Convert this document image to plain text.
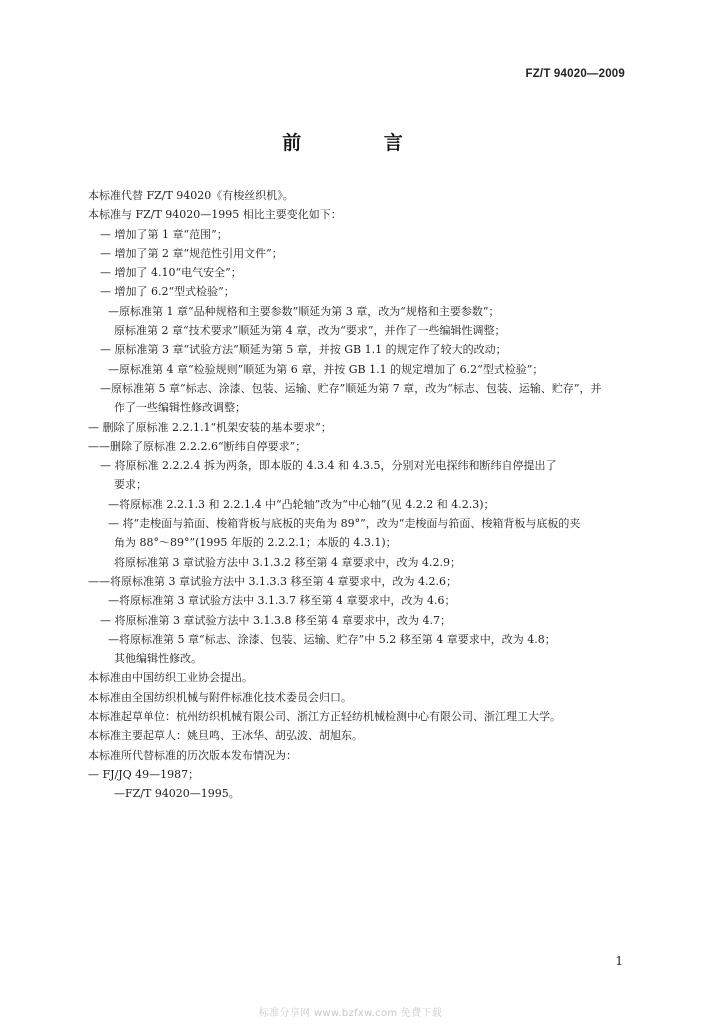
FZ/T 94020—2009
前 言
本标准代替 FZ/T 94020《有梭丝织机》。
本标准与 FZ/T 94020—1995 相比主要变化如下：
— 增加了第 1 章“范围”；
— 增加了第 2 章“规范性引用文件”；
— 增加了 4.10“电气安全”；
— 增加了 6.2“型式检验”；
—原标准第 1 章“品种规格和主要参数”顺延为第 3 章，改为“规格和主要参数”；
原标准第 2 章“技术要求”顺延为第 4 章，改为“要求”，并作了一些编辑性调整；
— 原标准第 3 章“试验方法”顺延为第 5 章，并按 GB 1.1 的规定作了较大的改动；
—原标准第 4 章“检验规则”顺延为第 6 章，并按 GB 1.1 的规定增加了 6.2“型式检验”；
—原标准第 5 章“标志、涂漆、包装、运输、贮存”顺延为第 7 章，改为“标志、包装、运输、贮存”，并
作了一些编辑性修改调整；
— 删除了原标准 2.2.1.1“机架安装的基本要求”；
——删除了原标准 2.2.2.6“断纬自停要求”；
— 将原标准 2.2.2.4 拆为两条，即本版的 4.3.4 和 4.3.5，分别对光电探纬和断纬自停提出了
要求；
—将原标准 2.2.1.3 和 2.2.1.4 中“凸轮轴”改为“中心轴”(见 4.2.2 和 4.2.3)；
— 将“走梭面与筘面、梭箱背板与底板的夹角为 89°”，改为“走梭面与筘面、梭箱背板与底板的夹
角为 88°～89°”(1995 年版的 2.2.2.1；本版的 4.3.1)；
将原标准第 3 章试验方法中 3.1.3.2 移至第 4 章要求中，改为 4.2.9；
——将原标准第 3 章试验方法中 3.1.3.3 移至第 4 章要求中，改为 4.2.6；
—将原标准第 3 章试验方法中 3.1.3.7 移至第 4 章要求中，改为 4.6；
— 将原标准第 3 章试验方法中 3.1.3.8 移至第 4 章要求中，改为 4.7；
—将原标准第 5 章“标志、涂漆、包装、运输、贮存”中 5.2 移至第 4 章要求中，改为 4.8；
其他编辑性修改。
本标准由中国纺织工业协会提出。
本标准由全国纺织机械与附件标准化技术委员会归口。
本标准起草单位：杭州纺织机械有限公司、浙江方正轻纺机械检测中心有限公司、浙江理工大学。
本标准主要起草人：姚旦鸣、王冰华、胡弘波、胡旭东。
本标准所代替标准的历次版本发布情况为：
— FJ/JQ 49—1987；
—FZ/T 94020—1995。
1
标准分享网 www.bzfxw.com 免费下载
